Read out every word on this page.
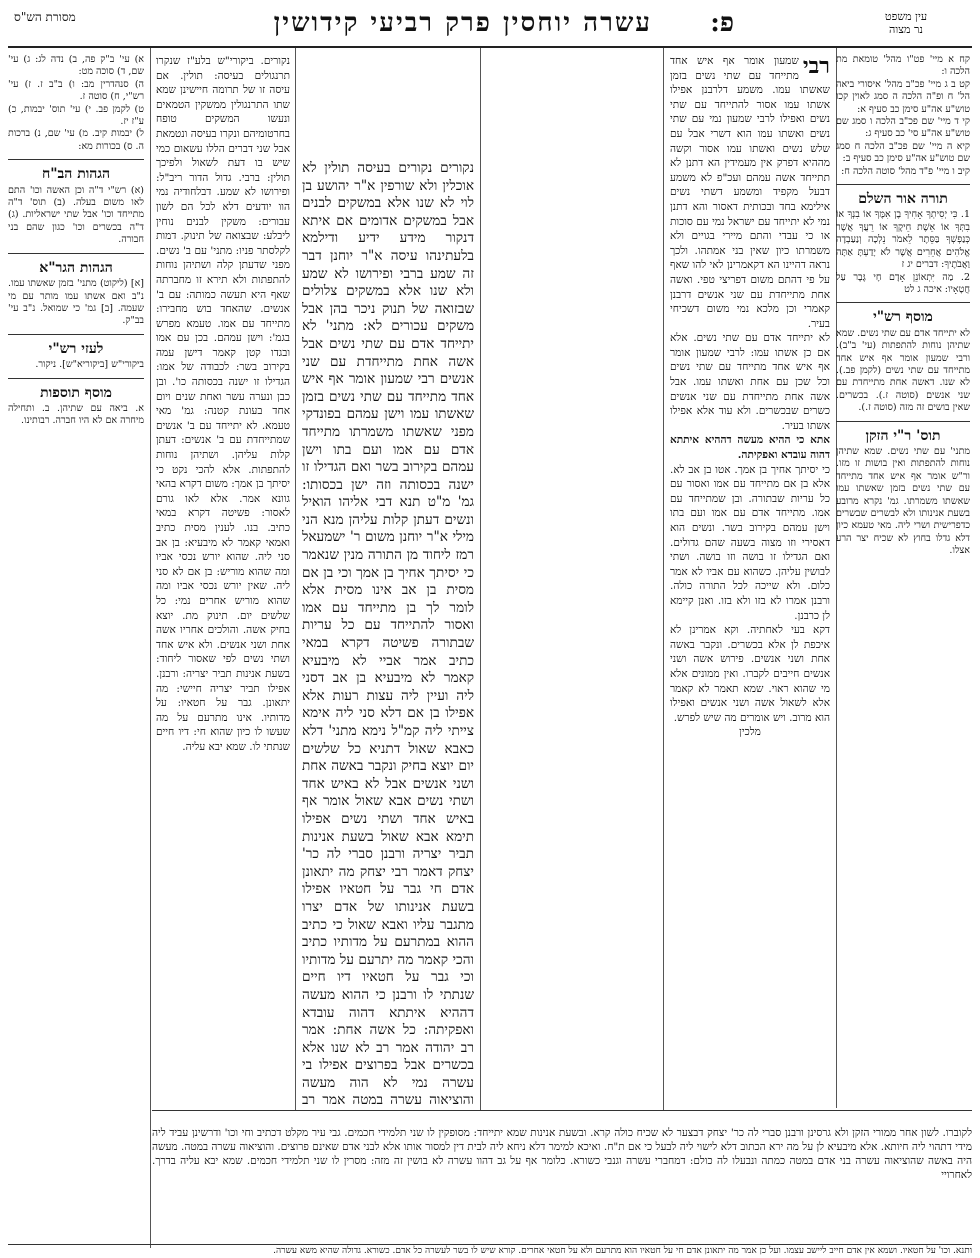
עין משפט
נר מצוה
פ:
עשרה יוחסין פרק רביעי קידושין
מסורת הש"ס

קח א מיי' פט"ו מהל' טומאת מת הלכה ו:

קט ב ג מיי' פכ"ב מהל' איסורי ביאה הל' ח ופ"ה הלכה ה סמג לאוין קכו טוש"ע אה"ע סימן כב סעיף א:

קי ד מיי' שם פכ"ב הלכה ו סמג שם טוש"ע אה"ע סי' כב סעיף ג:

קיא ה מיי' שם פכ"ב הלכה ח סמג שם טוש"ע אה"ע סימן כב סעיף ב:

קיב ו מיי' פ"ד מהל' סוטה הלכה ח:

תורה אור השלם

1. כִּי יְסִיתְךָ אָחִיךָ בֶן אִמֶּךָ אוֹ בִנְךָ אוֹ בִתְּךָ אוֹ אֵשֶׁת חֵיקֶךָ אוֹ רֵעֲךָ אֲשֶׁר כְּנַפְשְׁךָ בַּסֵּתֶר לֵאמֹר נֵלְכָה וְנַעַבְדָה אֱלֹהִים אֲחֵרִים אֲשֶׁר לֹא יָדַעְתָּ אַתָּה וַאֲבֹתֶיךָ: דברים יג ז
2. מַה יִּתְאוֹנֵן אָדָם חָי גֶּבֶר עַל חֲטָאָיו: איכה ג לט

מוסף רש"י

לא יתייחד אדם עם שתי נשים. שמא שתיהן נוחות להתפתות (עי' ב"ב). ורבי שמעון אומר אף איש אחד מתייחד עם שתי נשים (לקמן פב.). לא שנו. דאשה אחת מתייחדת עם שני אנשים (סוטה ז.). בכשרים. שאין בושים זה מזה (סוטה ז.).

תוס' ר"י הזקן

מתני' עם שתי נשים. שמא שתיהן נוחות להתפתות ואין בושות זו מזו. ור"ש אומר אף איש אחד מתייחד עם שתי נשים בזמן שאשתו עמו שאשתו משמרתו. גמ' נקרא מרובע בשעת אנינותו ולא לבשרים שבשרים כדפרישית ושרי ליה. מאי טעמא כיון דלא גדלו בחוץ לא שכיח יצר הרע אצלו.

רבי
שמעון אומר אף איש אחד מתייחד עם שתי נשים בזמן שאשתו עמו. משמע דלרבנן אפילו אשתו עמו אסור להתייחד עם שתי נשים ואפילו לרבי שמעון נמי עם שתי נשים ואשתו עמו הוא דשרי אבל עם שלש נשים ואשתו עמו אסור וקשה מההיא דפרק אין מעמידין הא דתנן לא תתייחד אשה עמהם ועכ"פ לא משמע דבעל מקפיד ומשמע דשתי נשים אילימא בחד ובכותית דאסור והא דתנן נמי לא יתייחד עם ישראל נמי עם סוכות או כי עבדי והתם מיירי בגויים ולא משמרתו כיון שאין בני אמתהו. ולכך נראה דהיינו הא דקאמרינן לאי להו שאף על פי דהתם משום דפריצי טפי. ואשה אחת מתייחדת עם שני אנשים דרבנן קאמרי וכן מלכא נמי משום דשכיחי בעיר.

לא יתייחד אדם עם שתי נשים. אלא אם כן אשתו עמו: לרבי שמעון אומר אף איש אחד מתייחד עם שתי נשים וכל שכן עם אחת ואשתו עמו. אבל אשה אחת מתייחדת עם שני אנשים כשרים שבכשרים. ולא עוד אלא אפילו אשתו בעיר.

אתא כי ההיא מעשה דההיא איתתא דהוה עובדא ואפקיתה.

כי יסיתך אחיך בן אמך. אטו בן אב לא. אלא בן אם מתייחד עם אמו ואסור עם כל עריות שבתורה. ובן שמתייחד עם אמו. מתייחד אדם עם אמו ועם בתו וישן עמהם בקירוב בשר. ונשים הוא דאסירי וזו מצוה בשעה שהם גדולים. ואם הגדילו זו בושה וזו בושה. ושתי לבושין עליהן. כשהוא עם אביו לא אמר כלום. ולא שייכה לכל התורה כולה. ורבנן אמרו לא בזו ולא בזו. ואנן קיימא לן כרבנן.

דקא בעי לאחתיה. וקא אמרינן לא איכפת לן אלא בכשרים. ונקבר באשה אחת ושני אנשים. פירוש אשה ושני אנשים חייבים לקברו. ואין ממונים אלא מי שהוא ראוי. שמא תאמר לא קאמר אלא לשאול אשה ושני אנשים ואפילו הוא מרוב. ויש אומרים מה שיש לפרש.

מלכין

נקורים נקורים בעיסה תולין לא אוכלין ולא שורפין א"ר יהושע בן לוי לא שנו אלא במשקים לבנים אבל במשקים אדומים אם איתא דנקור מידע ידיע ודילמא בלעתינהו עיסה א"ר יוחנן דבר זה שמע ברבי ופירושו לא שמע ולא שנו אלא במשקים צלולים שבזואה של תנוק ניכר בהן אבל משקים עכורים לא: מתני' לא יתייחד אדם עם שתי נשים אבל אשה אחת מתייחדת עם שני אנשים רבי שמעון אומר אף איש אחד מתייחד עם שתי נשים בזמן שאשתו עמו וישן עמהם בפונדקי מפני שאשתו משמרתו מתייחד אדם עם אמו ועם בתו וישן עמהם בקירוב בשר ואם הגדילו זו ישנה בכסותה וזה ישן בכסותו: גמ' מ"ט תנא דבי אליהו הואיל ונשים דעתן קלות עליהן מנא הני מילי א"ר יוחנן משום ר' ישמעאל רמז ליחוד מן התורה מנין שנאמר כי יסיתך אחיך בן אמך וכי בן אם מסית בן אב אינו מסית אלא לומר לך בן מתייחד עם אמו ואסור להתייחד עם כל עריות שבתורה פשיטה דקרא במאי כתיב אמר אביי לא מיבעיא קאמר לא מיבעיא בן אב דסני ליה ועיין ליה עצות רעות אלא אפילו בן אם דלא סני ליה אימא צייתי ליה קמ"ל נימא מתני' דלא כאבא שאול דתניא כל שלשים יום יוצא בחיק ונקבר באשה אחת ושני אנשים אבל לא באיש אחד ושתי נשים אבא שאול אומר אף באיש אחד ושתי נשים אפילו תימא אבא שאול בשעת אנינות תביר יצריה ורבנן סברי לה כר' יצחק דאמר רבי יצחק מה יתאונן אדם חי גבר על חטאיו אפילו בשעת אנינותו של אדם יצרו מתגבר עליו ואבא שאול כי כתיב ההוא במתרעם על מדותיו כתיב והכי קאמר מה יתרעם על מדותיו וכי גבר על חטאיו דיו חיים שנתתי לו ורבנן כי ההוא מעשה דההיא איתתא דהוה עובדא ואפקיתה: כל אשה אחת: אמר רב יהודה אמר רב לא שנו אלא בכשרים אבל בפרוצים אפילו בי עשרה נמי לא הוה מעשה והוציאוה עשרה במטה אמר רב

נקורים. ביקורי"ש בלע"ז שנקרו תרנגולים בעיסה: תולין. אם עיסה זו של תרומה חיישינן שמא שתו התרנגולין ממשקין הטמאים ונעשו המשקים טופח בחרטומיהם ונקרו בעיסה ונטמאת אבל שני דברים הללו עשאום כמי שיש בו דעת לשאול ולפיכך תולין: ברבי. גדול הדור ריב"ל: ופירושו לא שמע. דבלחודיה נמי הוו יודעים דלא לכל הם לשון עבורים: משקין לבנים נוחין ליבלע: שבצואה של תינוק. דמות לקלסתר פניו: מתני' עם ב' נשים. מפני שדעתן קלה ושתיהן נוחות להתפתות ולא תירא זו מחברתה שאף היא תעשה כמותה: עם ב' אנשים. שהאחד בוש מחבירו: מתייחד עם אמו. טעמא מפרש בגמ': וישן עמהם. בכן עם אמו ובגדו קטן קאמר דישן עמה בקירוב בשר: לכבודה של אמו: הגדילו זו ישנה בכסותה כו'. ובן כבן ונערה עשר ואחת שנים ויום אחד בעונת קטנה: גמ' מאי טעמא. לא יתייחד עם ב' אנשים שמתייחדת עם ב' אנשים: דעתן קלות עליהן. ושתיהן נוחות להתפתות. אלא להכי נקט כי יסיתך בן אמך: משום דקרא בהאי גוונא אמר. אלא לאו גורם לאסור: פשיטה דקרא במאי כתיב. בנו. לענין מסית כתיב ואמאי קאמר לא מיבעיא: בן אב סני ליה. שהוא יורש נכסי אביו ומה שהוא מוריש: בן אם לא סני ליה. שאין יורש נכסי אביו ומה שהוא מוריש אחרים נמי: כל שלשים יום. תינוק מת. יוצא בחיק אשה. והולכים אחריו אשה אחת ושני אנשים. ולא איש אחד ושתי נשים לפי שאסור ליחוד: בשעת אנינות תביר יצריה: ורבנן. אפילו תביר יצריה חיישי: מה יתאונן. גבר על חטאיו: על מדותיו. אינו מתרעם על מה שעשו לו כיון שהוא חי: דיו חיים שנתתי לו. שמא יבא עליה.

א) עי' ב"ק פה, ב) נדה לג: ג) עי' שם, ד) סוכה מט:

ה) סנהדרין מב: ו) ב"ב ז. ז) עי' רש"י, ח) סוטה ז.

ט) לקמן פב. י) עי' תוס' יבמות, כ) ע"ז יז.

ל) יבמות קיב. מ) עי' שם, נ) ברכות ה. ס) בכורות מא:

הגהות הב"ח

(א) רש"י ד"ה וכן האשה וכו' התם לאו משום בעלה. (ב) תוס' ד"ה מתייחד וכו' אבל שתי ישראליות. (ג) ד"ה בכשרים וכו' כגון שהם בני חבורה.

הגהות הגר"א

[א] (ליקוט) מתני' בזמן שאשתו עמו. נ"ב ואם אשתו עמו מותר עם מי שעמה. [ב] גמ' כי שמואל. נ"ב עי' בב"ק.

לעזי רש"י

ביקורי"ש [ביקוריא"ש]. ניקור.

מוסף תוספות

א. ביאה עם שתיהן. ב. ותחילה מיחרה אם לא היו חברה. רבותינו.

לקוברו. לשון אחר ממורי הזקן ולא גרסינן ורבנן סברי לה כר' יצחק דבצער לא שכיח כולה קרא. ובשעת אנינות שמא יתייחד: מסופקין לו שני תלמידי חכמים. גבי עיר מקלט דכתיב וחי וכו' ודרשינן עביד ליה מידי דתהוי ליה חיותא. אלא מיבעיא לן על מה ירא הכתוב דלא לישוי ליה לבעל כי אם ת"ח. ואיכא למימר דלא ניחא ליה לבית דין למסור אותו אלא לבני אדם שאינם פרוצים. והוציאוה עשרה במטה. מעשה היה באשה שהוציאוה עשרה בני אדם במטה כמתה ונבעלו לה כולם: דמחברי עשרה וגנבי כשורא. כלומר אף על גב דהוו עשרה לא בושין זה מזה: מסרין לו שני תלמידי חכמים. שמא יבא עליה בדרך. לאחרויי

ותנא. וכו' על חטאיו. ושמא אין אדם חייב ליישב עצמו. ועל כן אמר מה יתאונן אדם חי על חטאיו הוא מתרעם ולא על חטאי אחרים. קורא שיש לו בשר לעשרה כל אדם. כשורא. גדולה שהיא משא עשרה.
